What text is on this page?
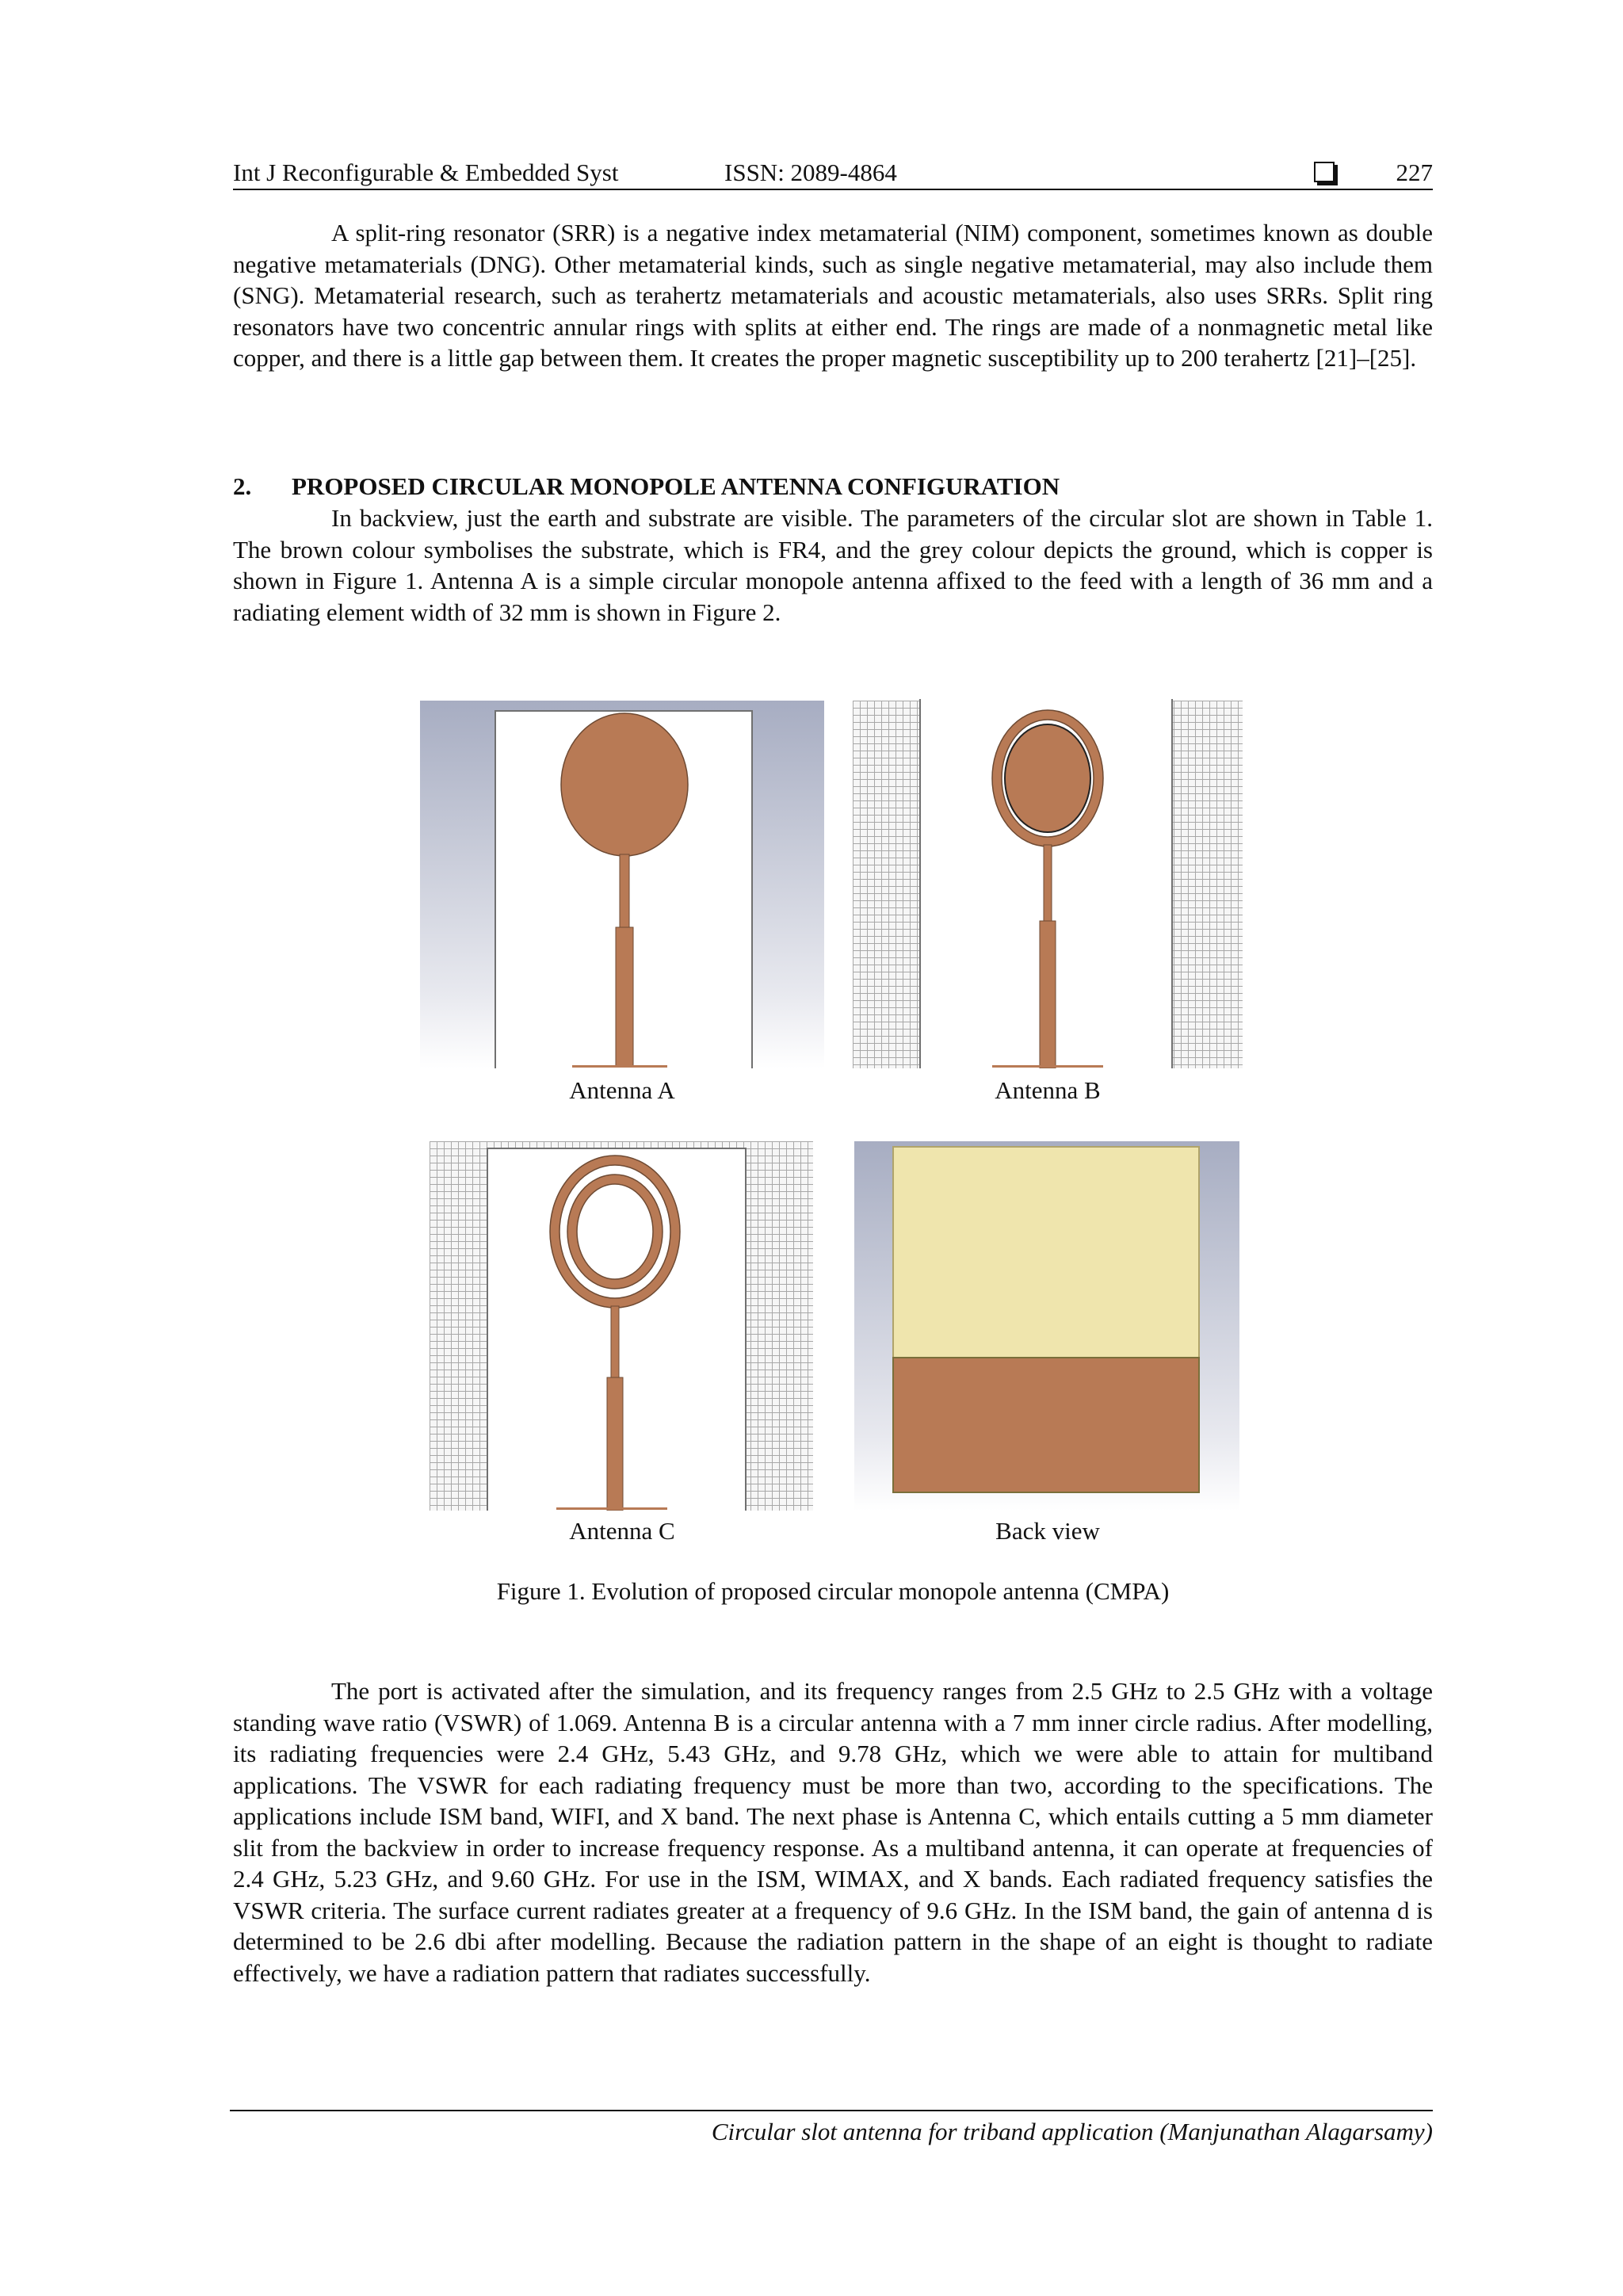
Int J Reconfigurable & Embedded Syst	ISSN: 2089-4864	227

A split-ring resonator (SRR) is a negative index metamaterial (NIM) component, sometimes known as double negative metamaterials (DNG). Other metamaterial kinds, such as single negative metamaterial, may also include them (SNG). Metamaterial research, such as terahertz metamaterials and acoustic metamaterials, also uses SRRs. Split ring resonators have two concentric annular rings with splits at either end. The rings are made of a nonmagnetic metal like copper, and there is a little gap between them. It creates the proper magnetic susceptibility up to 200 terahertz [21]–[25].

2. PROPOSED CIRCULAR MONOPOLE ANTENNA CONFIGURATION

In backview, just the earth and substrate are visible. The parameters of the circular slot are shown in Table 1. The brown colour symbolises the substrate, which is FR4, and the grey colour depicts the ground, which is copper is shown in Figure 1. Antenna A is a simple circular monopole antenna affixed to the feed with a length of 36 mm and a radiating element width of 32 mm is shown in Figure 2.

Antenna A	Antenna B
Antenna C	Back view
Figure 1. Evolution of proposed circular monopole antenna (CMPA)

The port is activated after the simulation, and its frequency ranges from 2.5 GHz to 2.5 GHz with a voltage standing wave ratio (VSWR) of 1.069. Antenna B is a circular antenna with a 7 mm inner circle radius. After modelling, its radiating frequencies were 2.4 GHz, 5.43 GHz, and 9.78 GHz, which we were able to attain for multiband applications. The VSWR for each radiating frequency must be more than two, according to the specifications. The applications include ISM band, WIFI, and X band. The next phase is Antenna C, which entails cutting a 5 mm diameter slit from the backview in order to increase frequency response. As a multiband antenna, it can operate at frequencies of 2.4 GHz, 5.23 GHz, and 9.60 GHz. For use in the ISM, WIMAX, and X bands. Each radiated frequency satisfies the VSWR criteria. The surface current radiates greater at a frequency of 9.6 GHz. In the ISM band, the gain of antenna d is determined to be 2.6 dbi after modelling. Because the radiation pattern in the shape of an eight is thought to radiate effectively, we have a radiation pattern that radiates successfully.

Circular slot antenna for triband application (Manjunathan Alagarsamy)
